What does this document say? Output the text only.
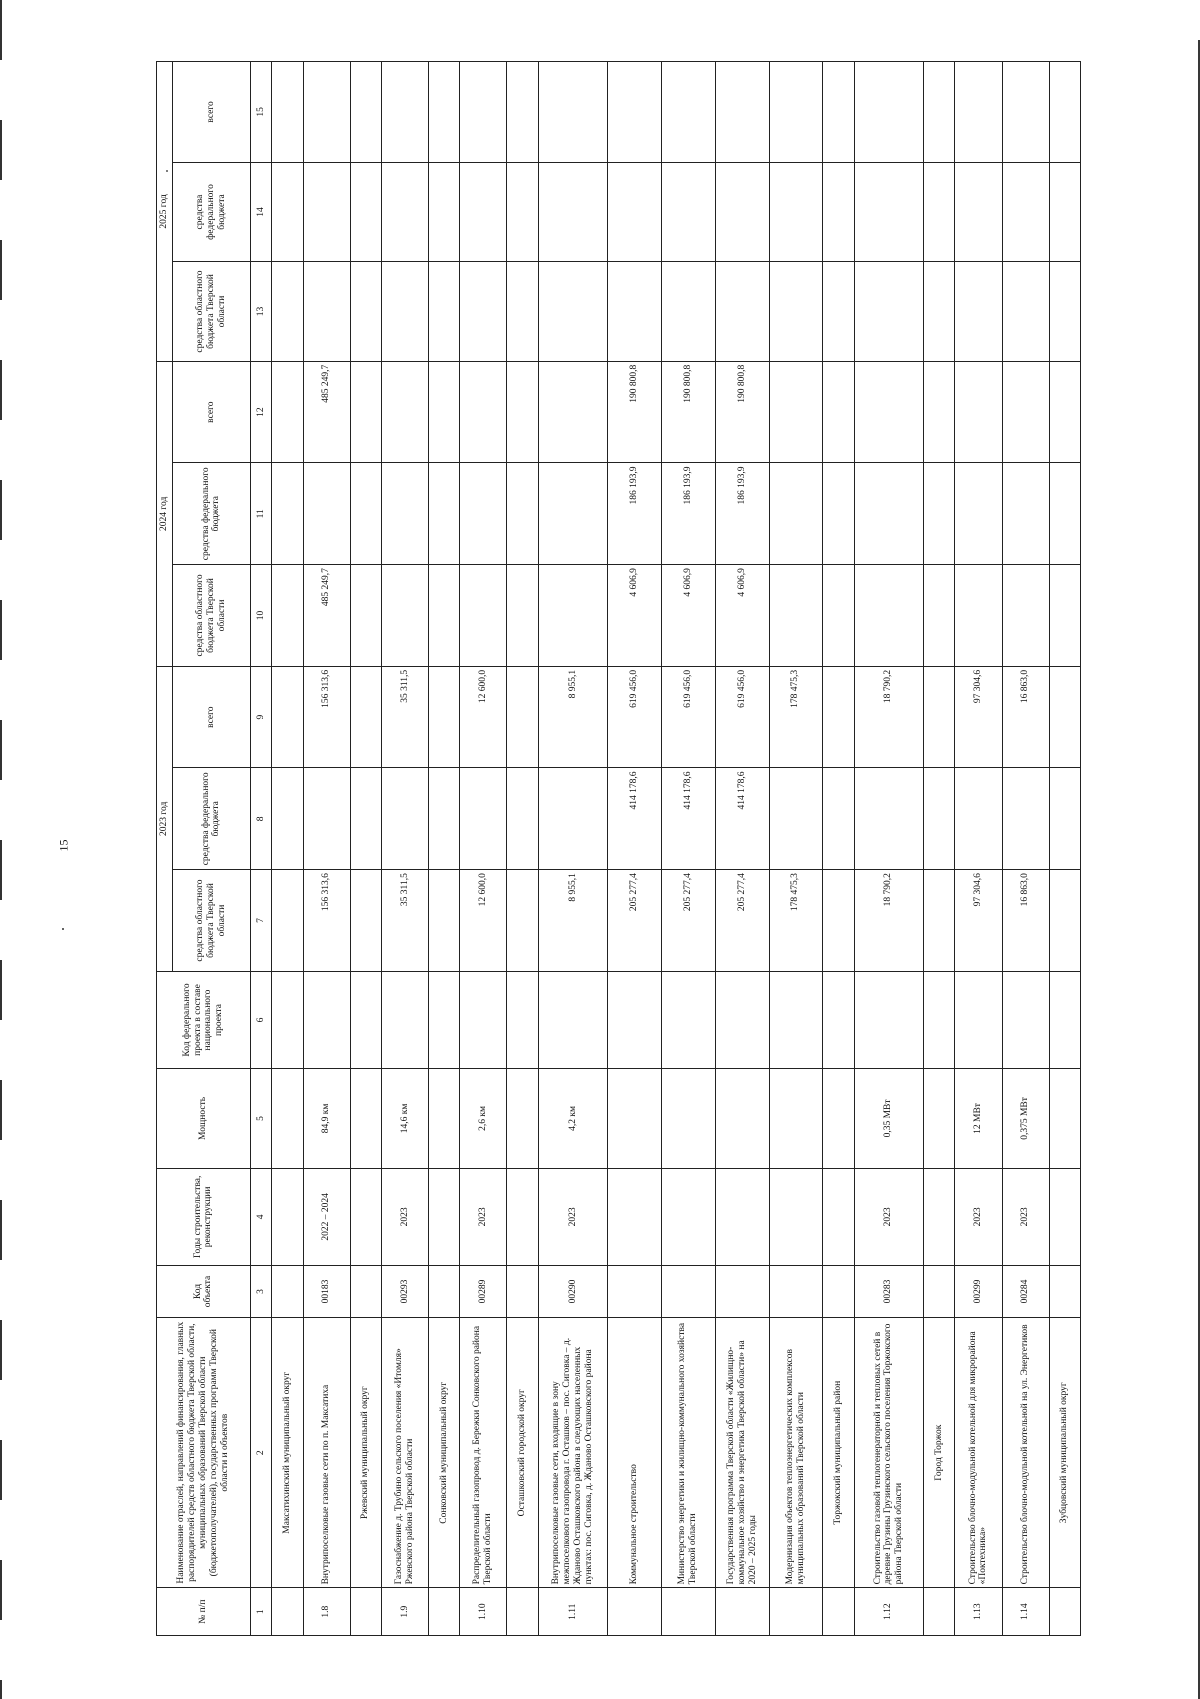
15
№ п/п	Наименование отраслей, направлений финансирования, главных распорядителей средств областного бюджета Тверской области, муниципальных образований Тверской области (бюджетополучателей), государственных программ Тверской области и объектов	Код объекта	Годы строительства, реконструкции	Мощность	Код федерального проекта в составе национального проекта	2023 год			2024 год			2025 год		
						средства областного бюджета Тверской области	средства федерального бюджета	всего	средства областного бюджета Тверской области	средства федерального бюджета	всего	средства областного бюджета Тверской области	средства федерального бюджета	всего
1	2	3	4	5	6	7	8	9	10	11	12	13	14	15
	Максатихинский муниципальный округ													
1.8	Внутрипоселковые газовые сети по п. Максатиха	00183	2022 – 2024	84,9 км		156 313,6		156 313,6	485 249,7		485 249,7			
	Ржевский муниципальный округ													
1.9	Газоснабжение д. Трубино сельского поселения «Итомля» Ржевского района Тверской области	00293	2023	14,6 км		35 311,5		35 311,5						
	Сонковский муниципальный округ													
1.10	Распределительный газопровод д. Бережки Сонковского района Тверской области	00289	2023	2,6 км		12 600,0		12 600,0						
	Осташковский городской округ													
1.11	Внутрипоселковые газовые сети, входящие в зону межпоселкового газопровода г. Осташков – пос. Сиговка – д. Жданово Осташковского района в следующих населенных пунктах: пос. Сиговка, д. Жданово Осташковского района	00290	2023	4,2 км		8 955,1		8 955,1						
	Коммунальное строительство					205 277,4	414 178,6	619 456,0	4 606,9	186 193,9	190 800,8			
	Министерство энергетики и жилищно-коммунального хозяйства Тверской области					205 277,4	414 178,6	619 456,0	4 606,9	186 193,9	190 800,8			
	Государственная программа Тверской области «Жилищно-коммунальное хозяйство и энергетика Тверской области» на 2020 – 2025 годы					205 277,4	414 178,6	619 456,0	4 606,9	186 193,9	190 800,8			
	Модернизация объектов теплоэнергетических комплексов муниципальных образований Тверской области					178 475,3		178 475,3						
	Торжокский муниципальный район													
1.12	Строительство газовой теплогенераторной и тепловых сетей в деревне Грузины Грузинского сельского поселения Торжокского района Тверской области	00283	2023	0,35 МВт		18 790,2		18 790,2						
	Город Торжок													
1.13	Строительство блочно-модульной котельной для микрорайона «Поктехника»	00299	2023	12 МВт		97 304,6		97 304,6						
1.14	Строительство блочно-модульной котельной на ул. Энергетиков	00284	2023	0,375 МВт		16 863,0		16 863,0						
	Зубцовский муниципальный округ													
